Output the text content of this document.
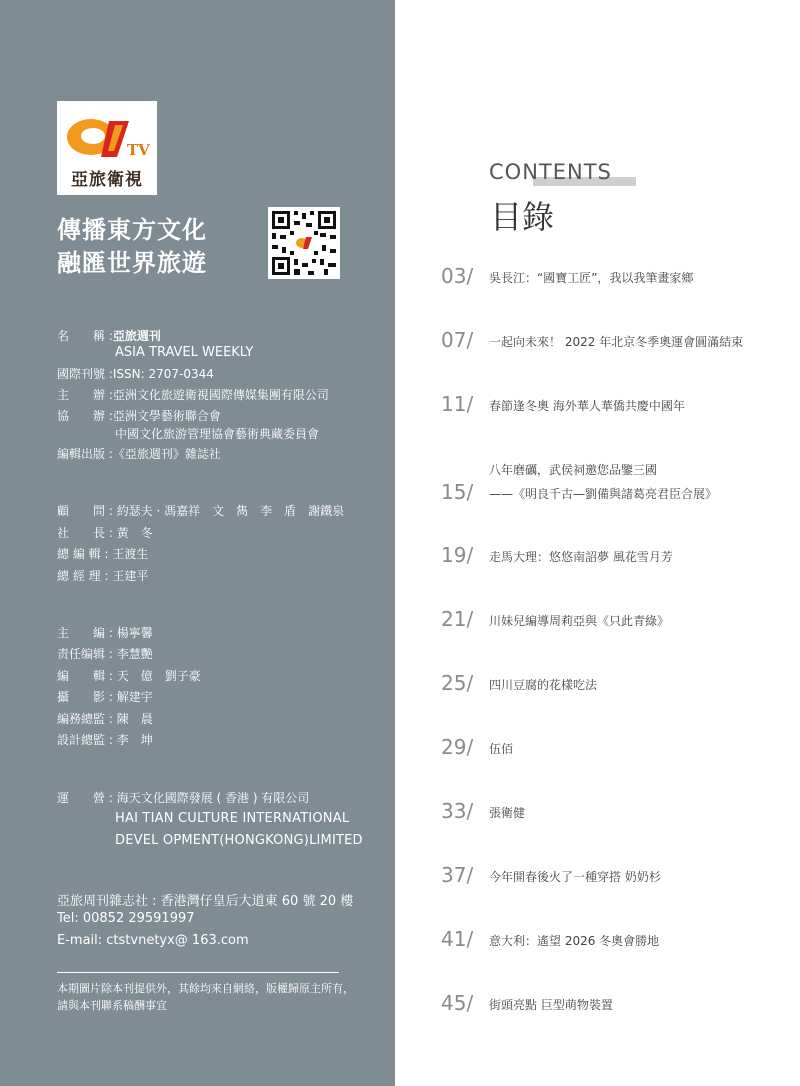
TV
亞旅衛視
傳播東方文化
融匯世界旅遊
名　　稱 :亞旅週刊
ASIA TRAVEL WEEKLY
國際刊號 :ISSN: 2707-0344
主　　辦 :亞洲文化旅遊衛視國際傳媒集團有限公司
協　　辦 :亞洲文學藝術聯合會
中國文化旅游管理協會藝術典藏委員會
編輯出版 :《亞旅週刊》雜誌社
顧　　問 : 約瑟夫 · 馮嘉祥　文　雋　李　盾　謝鐵泉
社　　長 : 黃　冬
總 編 輯 : 王渡生
總 經 理 : 王建平
主　　編 : 楊寧馨
责任编辑 : 李慧艷
編　　輯 : 天　億　劉子豪
攝　　影 : 解建宇
編務總監 : 陳　晨
設計總監 : 李　坤
運　　營 : 海天文化國際發展 ( 香港 ) 有限公司
HAI TIAN CULTURE INTERNATIONAL
DEVEL OPMENT(HONGKONG)LIMITED
亞旅周刊雜志社 : 香港灣仔皇后大道東 60 號 20 樓
Tel: 00852 29591997
E-mail: ctstvnetyx@ 163.com
本期圖片除本刊提供外，其餘均來自網絡，版權歸原主所有，
請與本刊聯系稿酬事宜
CONTENTS
目錄
03/	吳長江：“國寶工匠”，我以我筆畫家鄉
07/	一起向未來！ 2022 年北京冬季奧運會圓滿結束
11/	春節逢冬奧 海外華人華僑共慶中國年
八年磨礪，武侯祠邀您品鑒三國
15/	——《明良千古—劉備與諸葛亮君臣合展》
19/	走馬大理：悠悠南詔夢 風花雪月芳
21/	川妹兒編導周莉亞與《只此青綠》
25/	四川豆腐的花樣吃法
29/	伍佰
33/	張衛健
37/	今年開春後火了一種穿搭 奶奶杉
41/	意大利：遙望 2026 冬奧會勝地
45/	街頭亮點 巨型萌物裝置
